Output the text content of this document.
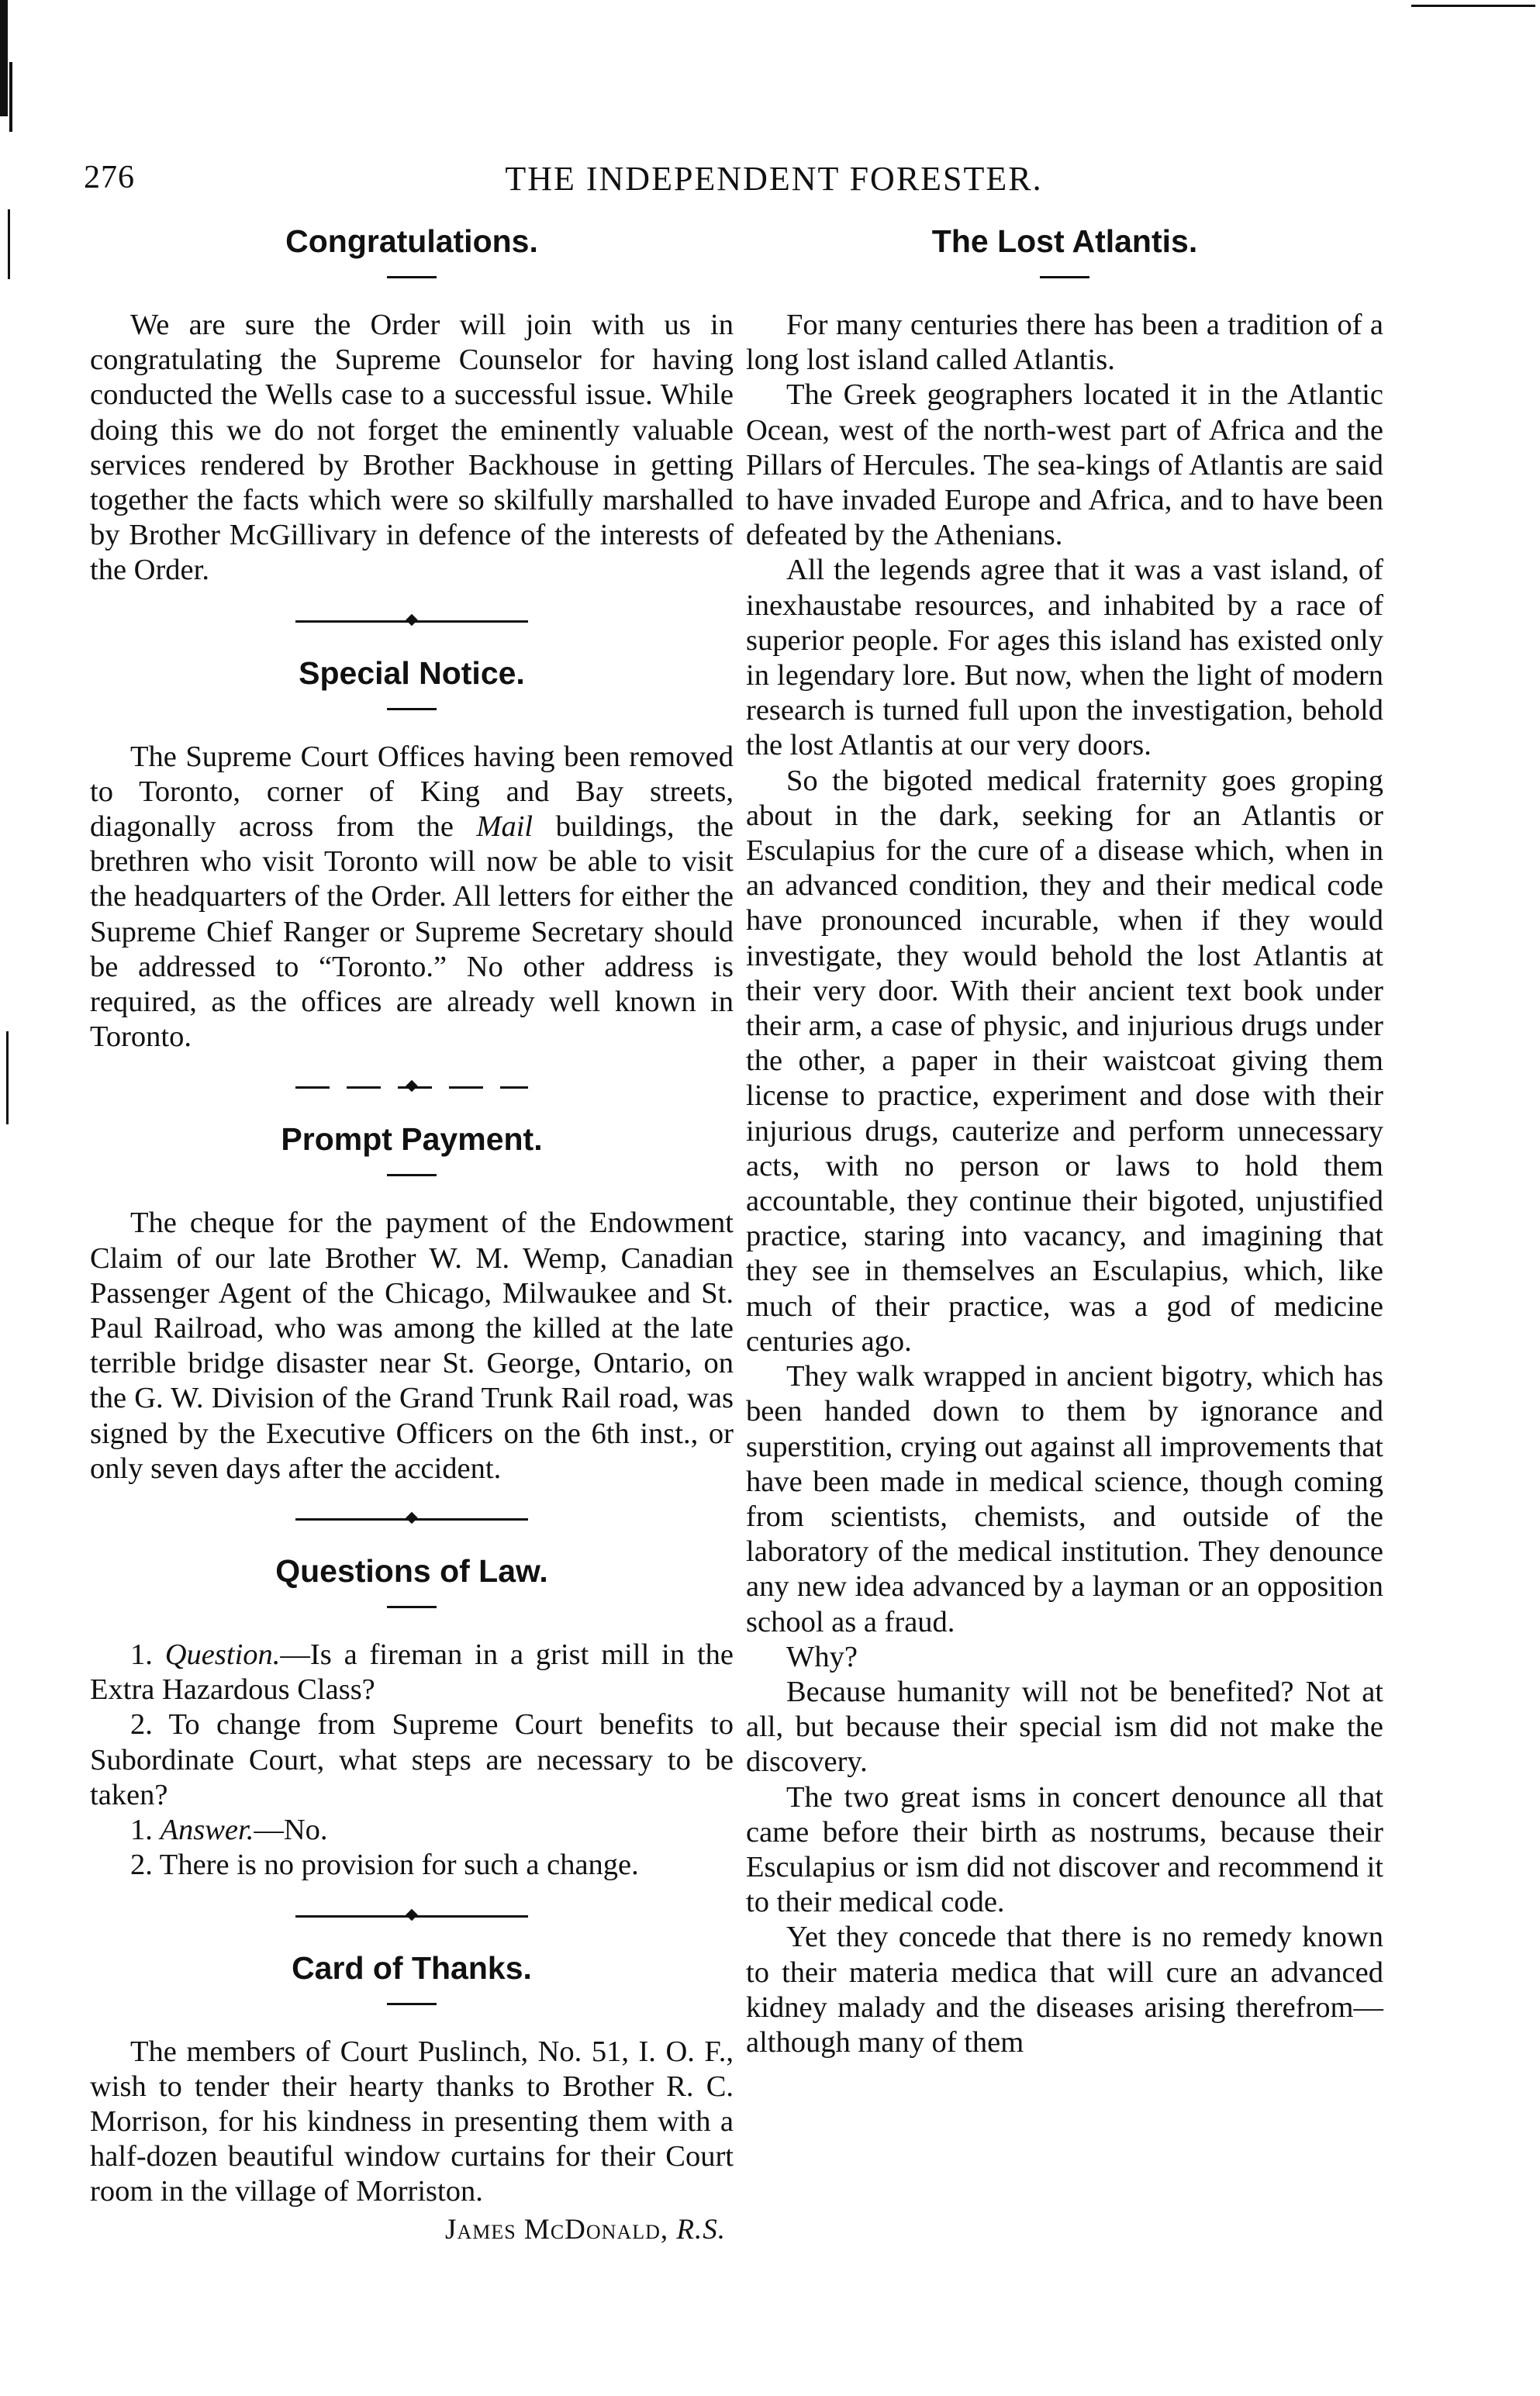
276	THE INDEPENDENT FORESTER.
Congratulations.

We are sure the Order will join with us in congratulating the Supreme Counselor for having conducted the Wells case to a successful issue. While doing this we do not forget the eminently valuable services rendered by Brother Backhouse in getting together the facts which were so skilfully marshalled by Brother McGillivary in defence of the interests of the Order.

Special Notice.

The Supreme Court Offices having been removed to Toronto, corner of King and Bay streets, diagonally across from the Mail buildings, the brethren who visit Toronto will now be able to visit the headquarters of the Order. All letters for either the Supreme Chief Ranger or Supreme Secretary should be addressed to “Toronto.” No other address is required, as the offices are already well known in Toronto.

Prompt Payment.

The cheque for the payment of the Endowment Claim of our late Brother W. M. Wemp, Canadian Passenger Agent of the Chicago, Milwaukee and St. Paul Railroad, who was among the killed at the late terrible bridge disaster near St. George, Ontario, on the G. W. Division of the Grand Trunk Rail road, was signed by the Executive Officers on the 6th inst., or only seven days after the accident.

Questions of Law.

1. Question.—Is a fireman in a grist mill in the Extra Hazardous Class?

2. To change from Supreme Court benefits to Subordinate Court, what steps are necessary to be taken?

1. Answer.—No.

2. There is no provision for such a change.

Card of Thanks.

The members of Court Puslinch, No. 51, I. O. F., wish to tender their hearty thanks to Brother R. C. Morrison, for his kindness in presenting them with a half-dozen beautiful window curtains for their Court room in the village of Morriston.

James McDonald, R.S.
The Lost Atlantis.

For many centuries there has been a tradition of a long lost island called Atlantis.

The Greek geographers located it in the Atlantic Ocean, west of the north-west part of Africa and the Pillars of Hercules. The sea-kings of Atlantis are said to have invaded Europe and Africa, and to have been defeated by the Athenians.

All the legends agree that it was a vast island, of inexhaustabe resources, and inhabited by a race of superior people. For ages this island has existed only in legendary lore. But now, when the light of modern research is turned full upon the investigation, behold the lost Atlantis at our very doors.

So the bigoted medical fraternity goes groping about in the dark, seeking for an Atlantis or Esculapius for the cure of a disease which, when in an advanced condition, they and their medical code have pronounced incurable, when if they would investigate, they would behold the lost Atlantis at their very door. With their ancient text book under their arm, a case of physic, and injurious drugs under the other, a paper in their waistcoat giving them license to practice, experiment and dose with their injurious drugs, cauterize and perform unnecessary acts, with no person or laws to hold them accountable, they continue their bigoted, unjustified practice, staring into vacancy, and imagining that they see in themselves an Esculapius, which, like much of their practice, was a god of medicine centuries ago.

They walk wrapped in ancient bigotry, which has been handed down to them by ignorance and superstition, crying out against all improvements that have been made in medical science, though coming from scientists, chemists, and outside of the laboratory of the medical institution. They denounce any new idea advanced by a layman or an opposition school as a fraud.

Why?

Because humanity will not be benefited? Not at all, but because their special ism did not make the discovery.

The two great isms in concert denounce all that came before their birth as nostrums, because their Esculapius or ism did not discover and recommend it to their medical code.

Yet they concede that there is no remedy known to their materia medica that will cure an advanced kidney malady and the diseases arising therefrom—although many of them
